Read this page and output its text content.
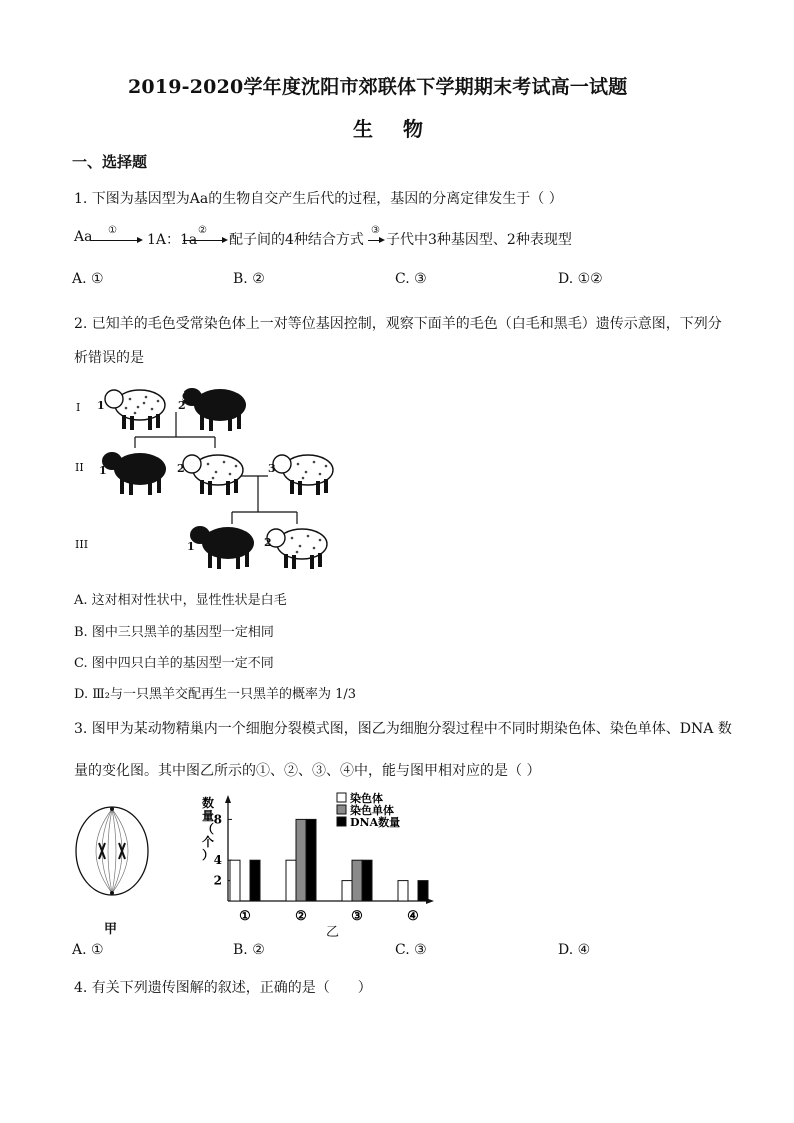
2019-2020学年度沈阳市郊联体下学期期末考试高一试题
生物
一、选择题
1. 下图为基因型为Aa的生物自交产生后代的过程，基因的分离定律发生于（ ）
Aa ①
1A：1a
②
配子间的4种结合方式
③
子代中3种基因型、2种表现型
A. ①	B. ②	C. ③	D. ①②
2. 已知羊的毛色受常染色体上一对等位基因控制，观察下面羊的毛色（白毛和黑毛）遗传示意图，下列分
析错误的是
I
II
III
1	2
1	2	3
1	2
A. 这对相对性状中，显性性状是白毛
B. 图中三只黑羊的基因型一定相同
C. 图中四只白羊的基因型一定不同
D. Ⅲ₂与一只黑羊交配再生一只黑羊的概率为 1/3
3. 图甲为某动物精巢内一个细胞分裂模式图，图乙为细胞分裂过程中不同时期染色体、染色单体、DNA 数
量的变化图。其中图乙所示的①、②、③、④中，能与图甲相对应的是（ ）
甲
数量（个）
2
4
8
①	②	③	④
染色体
染色单体
DNA数量
乙
A. ①	B. ②	C. ③	D. ④
4. 有关下列遗传图解的叙述，正确的是（　　）
